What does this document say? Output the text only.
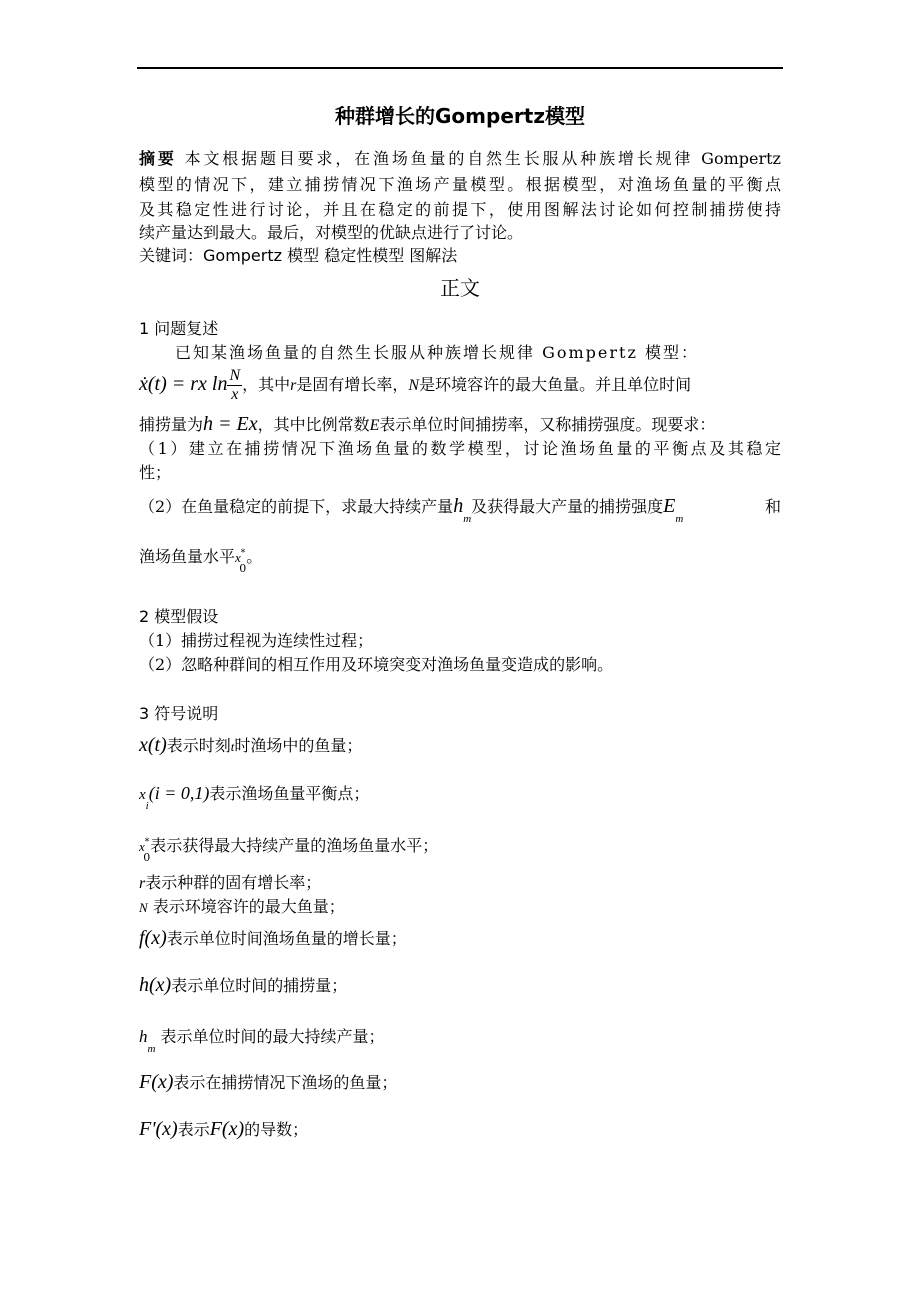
种群增长的Gompertz模型
摘要 本文根据题目要求，在渔场鱼量的自然生长服从种族增长规律 Gompertz
模型的情况下，建立捕捞情况下渔场产量模型。根据模型，对渔场鱼量的平衡点
及其稳定性进行讨论，并且在稳定的前提下，使用图解法讨论如何控制捕捞使持
续产量达到最大。最后，对模型的优缺点进行了讨论。
关键词：Gompertz 模型 稳定性模型 图解法
正文
1 问题复述
已知某渔场鱼量的自然生长服从种族增长规律 Gompertz 模型：
ẋ(t) = rx $\ln \frac{N}{x}$ ，其中r是固有增长率，N是环境容许的最大鱼量。并且单位时间
捕捞量为h = Ex，其中比例常数E表示单位时间捕捞率，又称捕捞强度。现要求：
（1）建立在捕捞情况下渔场鱼量的数学模型，讨论渔场鱼量的平衡点及其稳定
性；
（2）在鱼量稳定的前提下，求最大持续产量$h_m$及获得最大产量的捕捞强度$E_m$
和
渔场鱼量水平$x^*_0$。
2 模型假设
（1）捕捞过程视为连续性过程；
（2）忽略种群间的相互作用及环境突变对渔场鱼量变造成的影响。
3 符号说明
x(t)表示时刻t时渔场中的鱼量；
$x_i(i = 0,1)$表示渔场鱼量平衡点；
$x^*_0$表示获得最大持续产量的渔场鱼量水平；
r表示种群的固有增长率；
N 表示环境容许的最大鱼量；
f(x)表示单位时间渔场鱼量的增长量；
h(x)表示单位时间的捕捞量；
$h_m$ 表示单位时间的最大持续产量；
F(x)表示在捕捞情况下渔场的鱼量；
F'(x)表示F(x)的导数；
